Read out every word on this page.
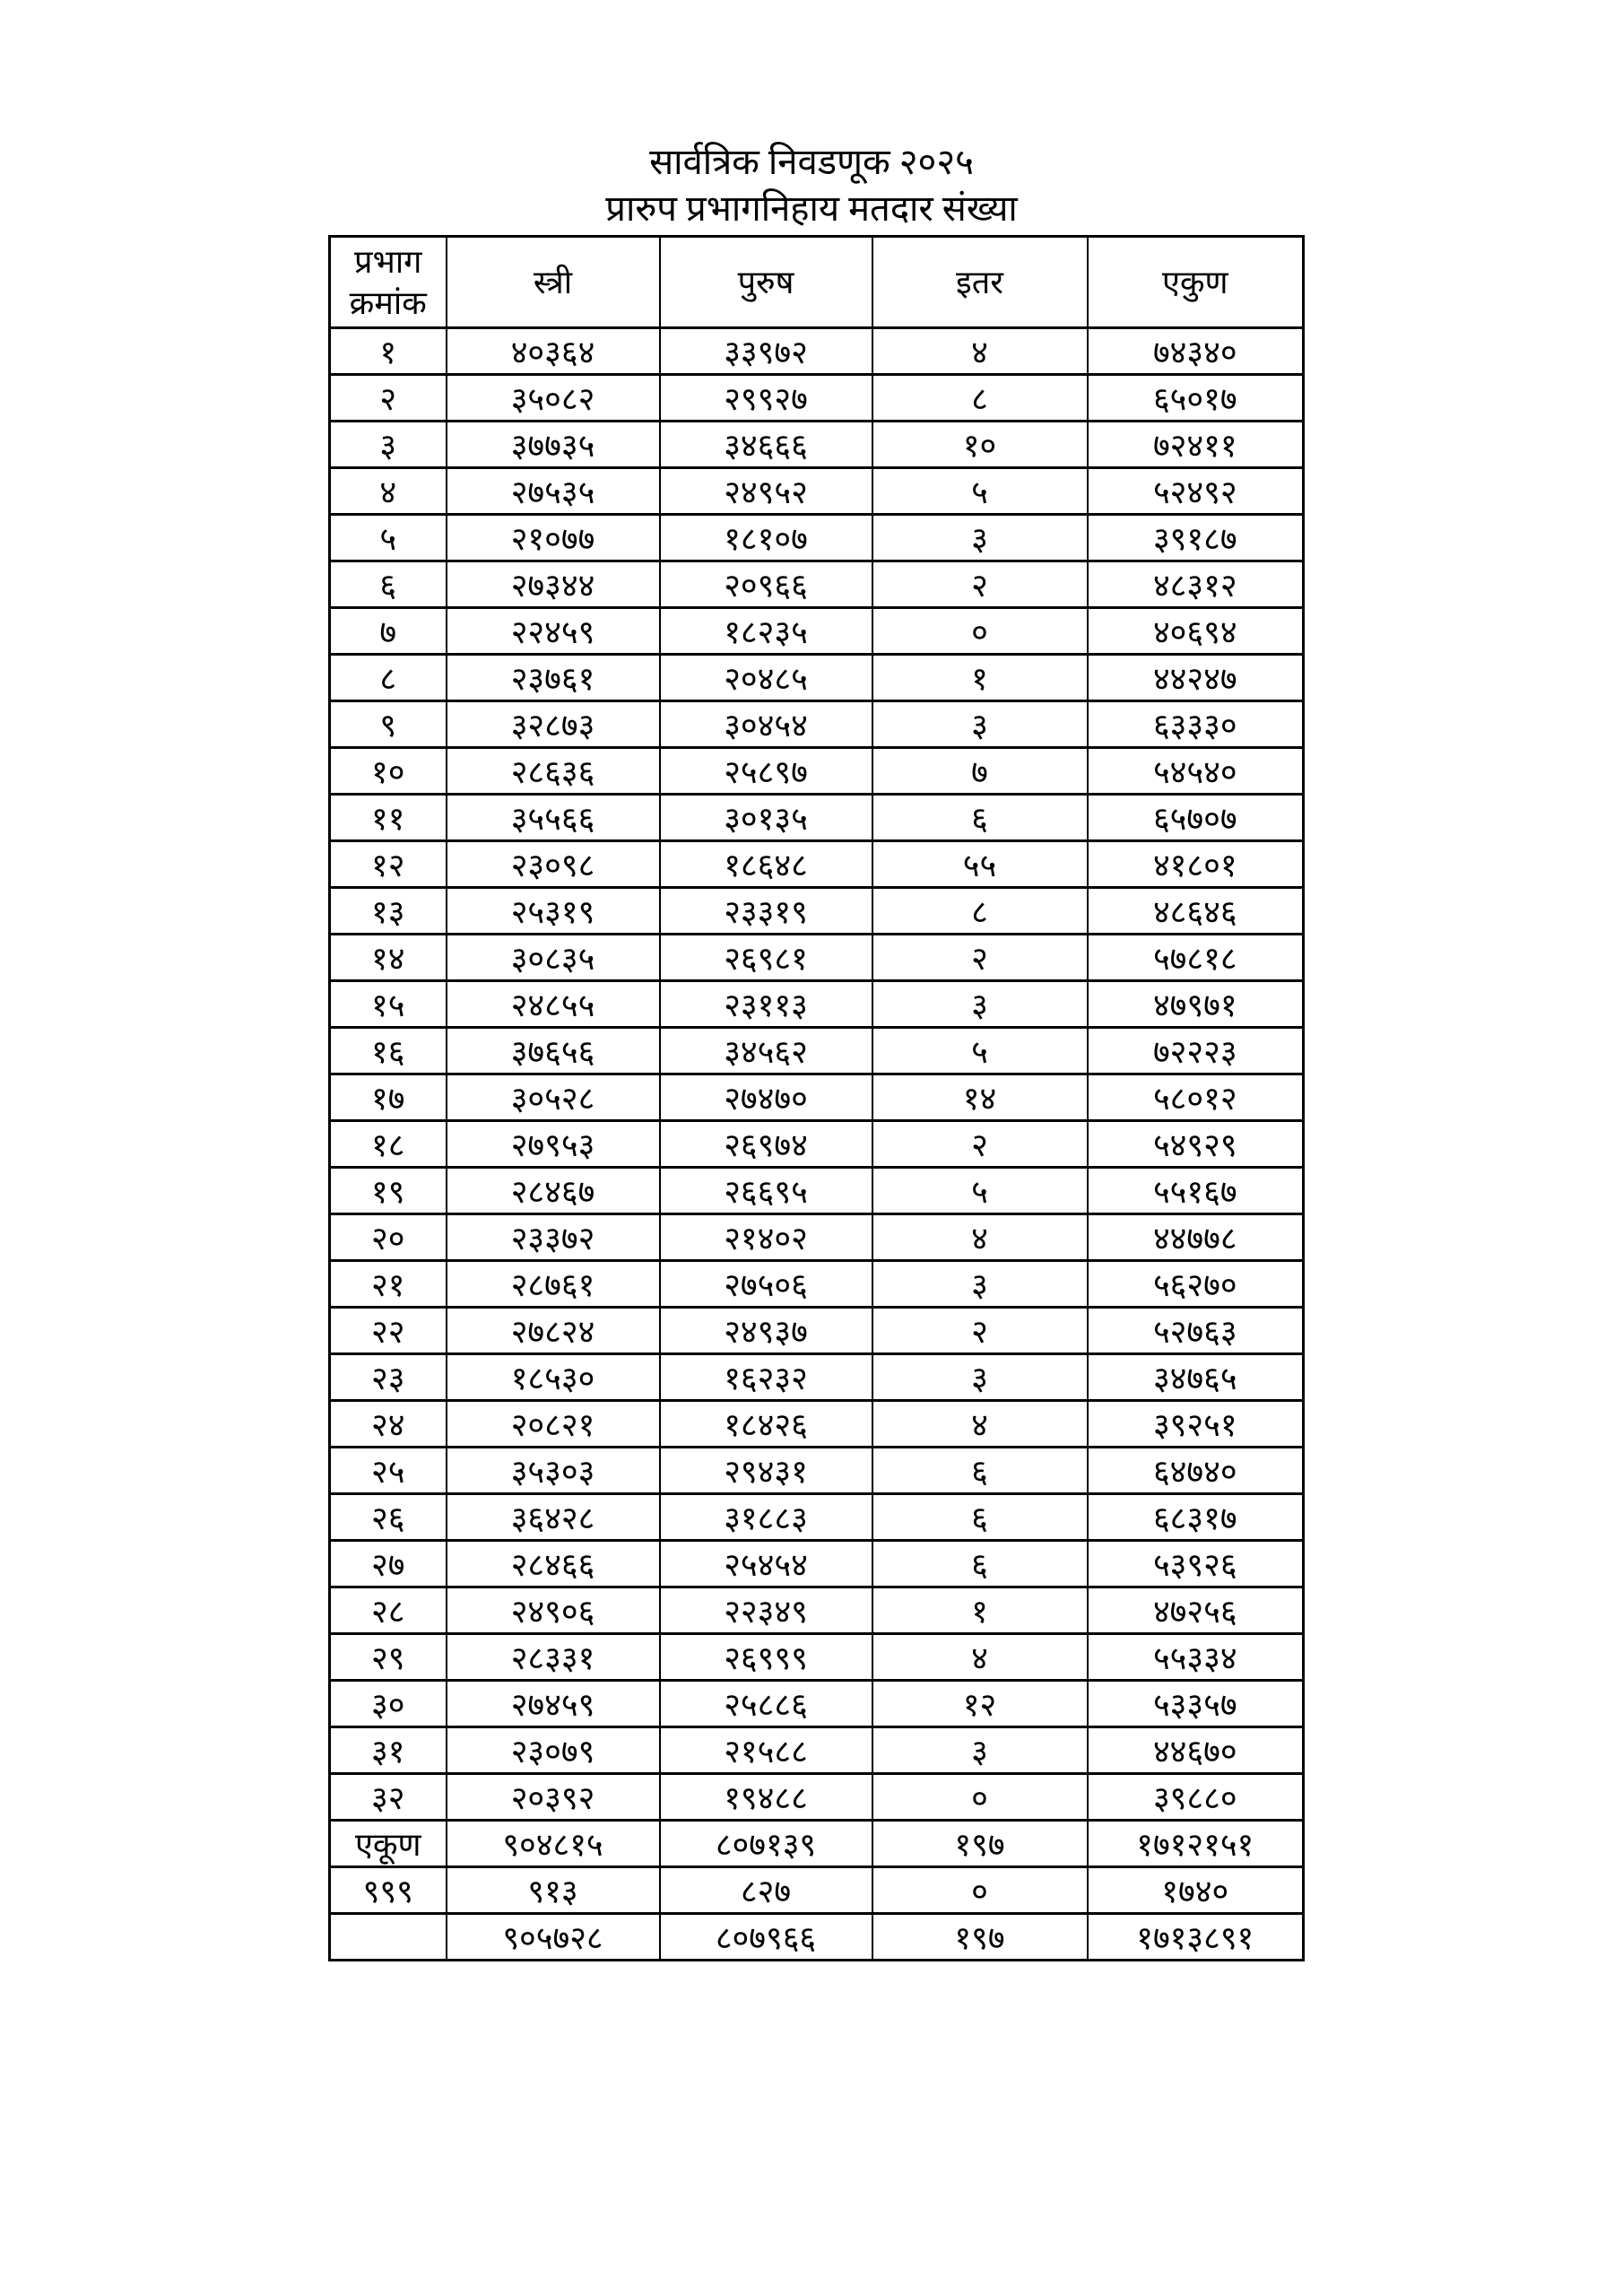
सार्वत्रिक निवडणूक २०२५
प्रारुप प्रभागनिहाय मतदार संख्या
प्रभाग क्रमांक	स्त्री	पुरुष	इतर	एकुण
१	४०३६४	३३९७२	४	७४३४०
२	३५०८२	२९९२७	८	६५०१७
३	३७७३५	३४६६६	१०	७२४११
४	२७५३५	२४९५२	५	५२४९२
५	२१०७७	१८१०७	३	३९१८७
६	२७३४४	२०९६६	२	४८३१२
७	२२४५९	१८२३५	०	४०६९४
८	२३७६१	२०४८५	१	४४२४७
९	३२८७३	३०४५४	३	६३३३०
१०	२८६३६	२५८९७	७	५४५४०
११	३५५६६	३०१३५	६	६५७०७
१२	२३०९८	१८६४८	५५	४१८०१
१३	२५३१९	२३३१९	८	४८६४६
१४	३०८३५	२६९८१	२	५७८१८
१५	२४८५५	२३११३	३	४७९७१
१६	३७६५६	३४५६२	५	७२२२३
१७	३०५२८	२७४७०	१४	५८०१२
१८	२७९५३	२६९७४	२	५४९२९
१९	२८४६७	२६६९५	५	५५१६७
२०	२३३७२	२१४०२	४	४४७७८
२१	२८७६१	२७५०६	३	५६२७०
२२	२७८२४	२४९३७	२	५२७६३
२३	१८५३०	१६२३२	३	३४७६५
२४	२०८२१	१८४२६	४	३९२५१
२५	३५३०३	२९४३१	६	६४७४०
२६	३६४२८	३१८८३	६	६८३१७
२७	२८४६६	२५४५४	६	५३९२६
२८	२४९०६	२२३४९	१	४७२५६
२९	२८३३१	२६९९९	४	५५३३४
३०	२७४५९	२५८८६	१२	५३३५७
३१	२३०७९	२१५८८	३	४४६७०
३२	२०३९२	१९४८८	०	३९८८०
एकूण	९०४८१५	८०७१३९	१९७	१७१२१५१
९९९	९१३	८२७	०	१७४०
	९०५७२८	८०७९६६	१९७	१७१३८९१
